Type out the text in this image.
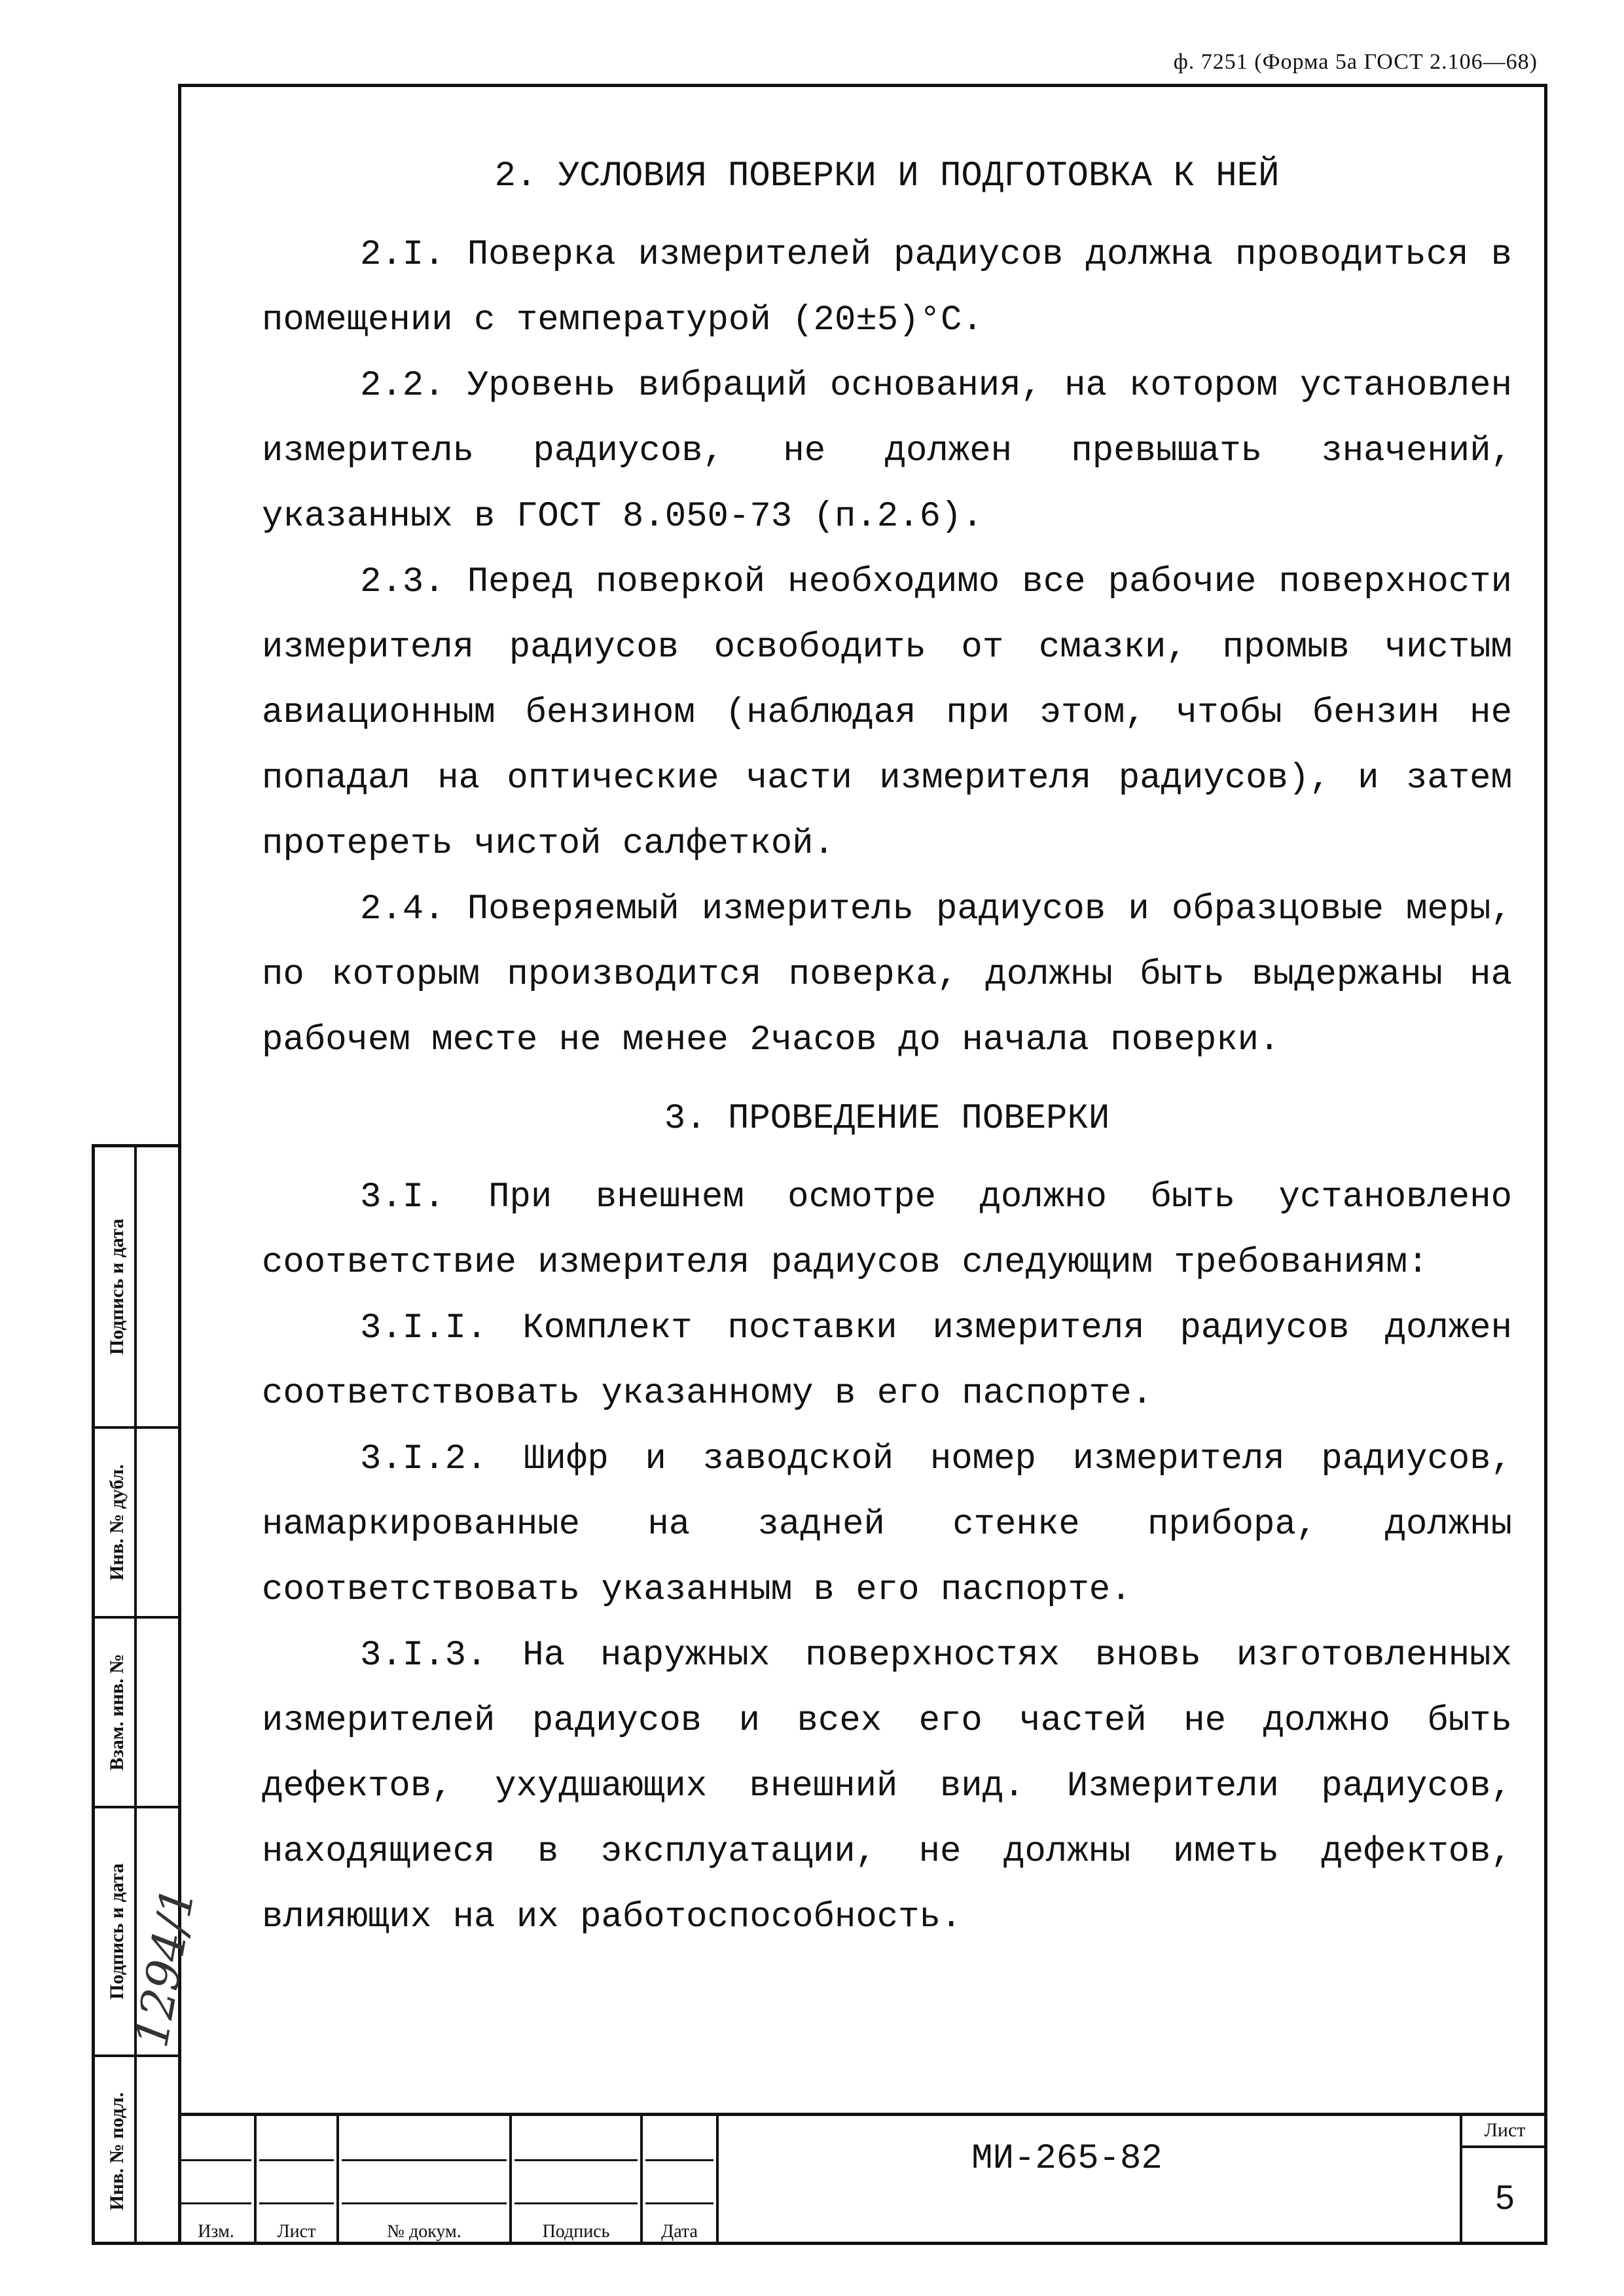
ф. 7251 (Форма 5а ГОСТ 2.106—68)
2. УСЛОВИЯ ПОВЕРКИ И ПОДГОТОВКА К НЕЙ

2.I. Поверка измерителей радиусов должна проводиться в помещении с температурой (20±5)°С.

2.2. Уровень вибраций основания, на котором установлен измеритель радиусов, не должен превышать значений, указанных в ГОСТ 8.050-73 (п.2.6).

2.3. Перед поверкой необходимо все рабочие поверхности измерителя радиусов освободить от смазки, промыв чистым авиационным бензином (наблюдая при этом, чтобы бензин не попадал на оптические части измерителя радиусов), и затем протереть чистой салфеткой.

2.4. Поверяемый измеритель радиусов и образцовые меры, по которым производится поверка, должны быть выдержаны на рабочем месте не менее 2часов до начала поверки.

3. ПРОВЕДЕНИЕ ПОВЕРКИ

3.I. При внешнем осмотре должно быть установлено соответствие измерителя радиусов следующим требованиям:

3.I.I. Комплект поставки измерителя радиусов должен соответствовать указанному в его паспорте.

3.I.2. Шифр и заводской номер измерителя радиусов, намаркированные на задней стенке прибора, должны соответствовать указанным в его паспорте.

3.I.3. На наружных поверхностях вновь изготовленных измерителей радиусов и всех его частей не должно быть дефектов, ухудшающих внешний вид. Измерители радиусов, находящиеся в эксплуатации, не должны иметь дефектов, влияющих на их работоспособность.

Подпись и дата
Инв. № дубл.
Взам. инв. №
Подпись и дата
Инв. № подл.
1294/1
Изм.	Лист	№ докум.	Подпись	Дата
МИ-265-82
Лист
5
